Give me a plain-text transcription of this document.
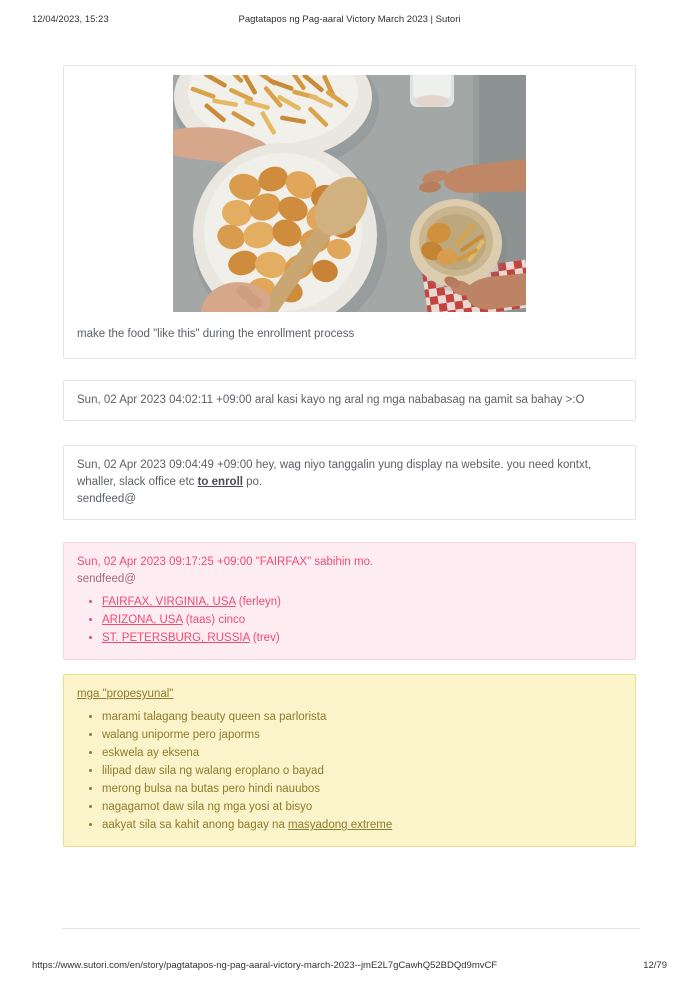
12/04/2023, 15:23	Pagtatapos ng Pag-aaral Victory March 2023 | Sutori
make the food "like this" during the enrollment process

Sun, 02 Apr 2023 04:02:11 +09:00 aral kasi kayo ng aral ng mga nababasag na gamit sa bahay >:O

Sun, 02 Apr 2023 09:04:49 +09:00 hey, wag niyo tanggalin yung display na website. you need kontxt, whaller, slack office etc to enroll po.

sendfeed@

Sun, 02 Apr 2023 09:17:25 +09:00 "FAIRFAX" sabihin mo.

sendfeed@

• FAIRFAX, VIRGINIA, USA (ferleyn)
• ARIZONA, USA (taas) cinco
• ST. PETERSBURG, RUSSIA (trev)

mga "propesyunal"

• marami talagang beauty queen sa parlorista
• walang uniporme pero japorms
• eskwela ay eksena
• lilipad daw sila ng walang eroplano o bayad
• merong bulsa na butas pero hindi nauubos
• nagagamot daw sila ng mga yosi at bisyo
• aakyat sila sa kahit anong bagay na masyadong extreme
https://www.sutori.com/en/story/pagtatapos-ng-pag-aaral-victory-march-2023--jmE2L7gCawhQ52BDQd9mvCF	12/79
